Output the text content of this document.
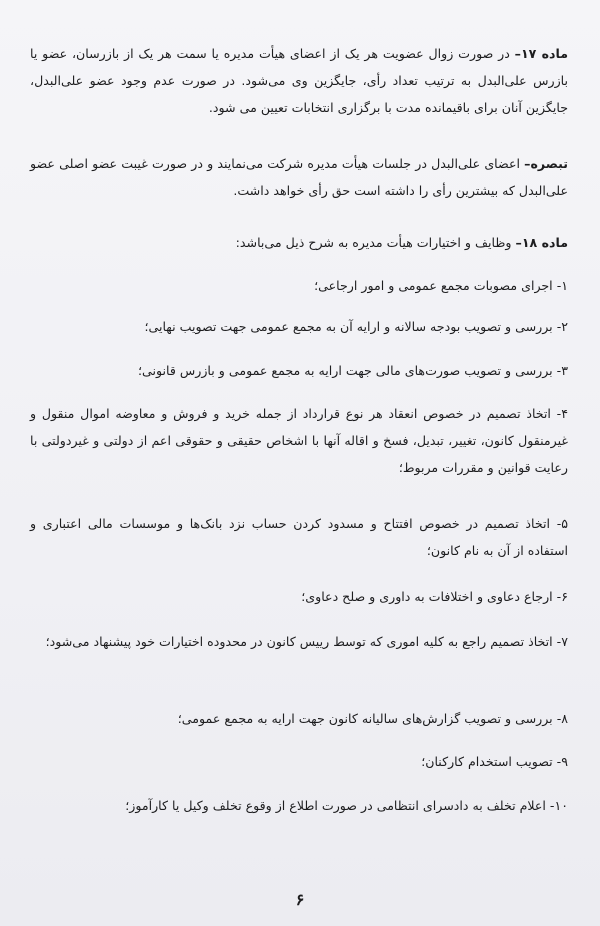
ماده ۱۷– در صورت زوال عضویت هر یک از اعضای هیأت مدیره یا سمت هر یک از بازرسان، عضو یا بازرس علی‌البدل به ترتیب تعداد رأی، جایگزین وی می‌شود. در صورت عدم وجود عضو علی‌البدل، جایگزین آنان برای باقیمانده مدت با برگزاری انتخابات تعیین می شود.

تبصره– اعضای علی‌البدل در جلسات هیأت مدیره شرکت می‌نمایند و در صورت غیبت عضو اصلی عضو علی‌البدل که بیشترین رأی را داشته است حق رأی خواهد داشت.

ماده ۱۸– وظایف و اختیارات هیأت مدیره به شرح ذیل می‌باشد:

۱- اجرای مصوبات مجمع عمومی و امور ارجاعی؛

۲- بررسی و تصویب بودجه سالانه و ارایه آن به مجمع عمومی جهت تصویب نهایی؛

۳- بررسی و تصویب صورت‌های مالی جهت ارایه به مجمع عمومی و بازرس قانونی؛

۴- اتخاذ تصمیم در خصوص انعقاد هر نوع قرارداد از جمله خرید و فروش و معاوضه اموال منقول و غیرمنقول کانون، تغییر، تبدیل، فسخ و اقاله آنها با اشخاص حقیقی و حقوقی اعم از دولتی و غیردولتی با رعایت قوانین و مقررات مربوط؛

۵- اتخاذ تصمیم در خصوص افتتاح و مسدود کردن حساب نزد بانک‌ها و موسسات مالی اعتباری و استفاده از آن به نام کانون؛

۶- ارجاع دعاوی و اختلافات به داوری و صلح دعاوی؛

۷- اتخاذ تصمیم راجع به کلیه اموری که توسط رییس کانون در محدوده اختیارات خود پیشنهاد می‌شود؛

۸- بررسی و تصویب گزارش‌های سالیانه کانون جهت ارایه به مجمع عمومی؛

۹- تصویب استخدام کارکنان؛

۱۰- اعلام تخلف به دادسرای انتظامی در صورت اطلاع از وقوع تخلف وکیل یا کارآموز؛

۶
